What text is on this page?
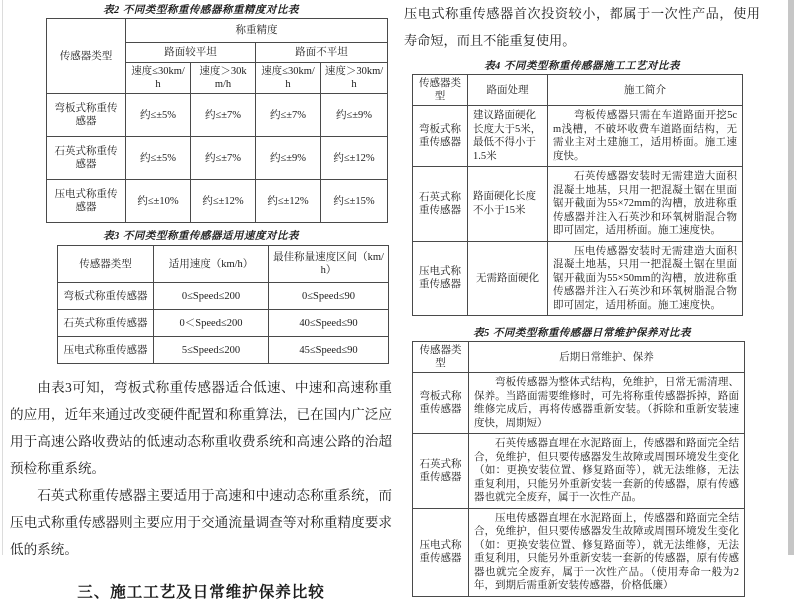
表2 不同类型称重传感器称重精度对比表
传感器类型	称重精度			
	路面较平坦		路面不平坦	
	速度≤30km/h	速度＞30km/h	速度≤30km/h	速度＞30km/h
弯板式称重传感器	约≤±5%	约≤±7%	约≤±7%	约≤±9%
石英式称重传感器	约≤±5%	约≤±7%	约≤±9%	约≤±12%
压电式称重传感器	约≤±10%	约≤±12%	约≤±12%	约≤±15%
表3 不同类型称重传感器适用速度对比表
传感器类型	适用速度（km/h）	最佳称量速度区间（km/h）
弯板式称重传感器	0≤Speed≤200	0≤Speed≤90
石英式称重传感器	0＜Speed≤200	40≤Speed≤90
压电式称重传感器	5≤Speed≤200	45≤Speed≤90

由表3可知，弯板式称重传感器适合低速、中速和高速称重的应用，近年来通过改变硬件配置和称重算法，已在国内广泛应用于高速公路收费站的低速动态称重收费系统和高速公路的治超预检称重系统。

石英式称重传感器主要适用于高速和中速动态称重系统，而压电式称重传感器则主要应用于交通流量调查等对称重精度要求低的系统。

三、施工工艺及日常维护保养比较

压电式称重传感器首次投资较小，都属于一次性产品，使用寿命短，而且不能重复使用。

表4 不同类型称重传感器施工工艺对比表
传感器类型	路面处理	施工简介
弯板式称重传感器	建议路面硬化长度大于5米，最低不得小于1.5米	弯板传感器只需在车道路面开挖5cm浅槽，不破坏收费车道路面结构，无需业主对土建施工，适用桥面。施工速度快。
石英式称重传感器	路面硬化长度不小于15米	石英传感器安装时无需建造大面积混凝土地基，只用一把混凝土锯在里面锯开截面为55×72mm的沟槽，放进称重传感器并注入石英沙和环氧树脂混合物即可固定，适用桥面。施工速度快。
压电式称重传感器	无需路面硬化	压电传感器安装时无需建造大面积混凝土地基，只用一把混凝土锯在里面锯开截面为55×50mm的沟槽，放进称重传感器并注入石英沙和环氧树脂混合物即可固定，适用桥面。施工速度快。
表5 不同类型称重传感器日常维护保养对比表
传感器类型	后期日常维护、保养
弯板式称重传感器	弯板传感器为整体式结构，免维护，日常无需清理、保养。当路面需要维修时，可先将称重传感器拆掉，路面维修完成后，再将传感器重新安装。（拆除和重新安装速度快，周期短）
石英式称重传感器	石英传感器直埋在水泥路面上，传感器和路面完全结合，免维护，但只要传感器发生故障或周围环境发生变化（如：更换安装位置、修复路面等），就无法维修，无法重复利用，只能另外重新安装一套新的传感器，原有传感器也就完全废弃，属于一次性产品。
压电式称重传感器	压电传感器直埋在水泥路面上，传感器和路面完全结合，免维护，但只要传感器发生故障或周围环境发生变化（如：更换安装位置、修复路面等），就无法维修，无法重复利用，只能另外重新安装一套新的传感器，原有传感器也就完全废弃，属于一次性产品。（使用寿命一般为2年，到期后需重新安装传感器，价格低廉）
